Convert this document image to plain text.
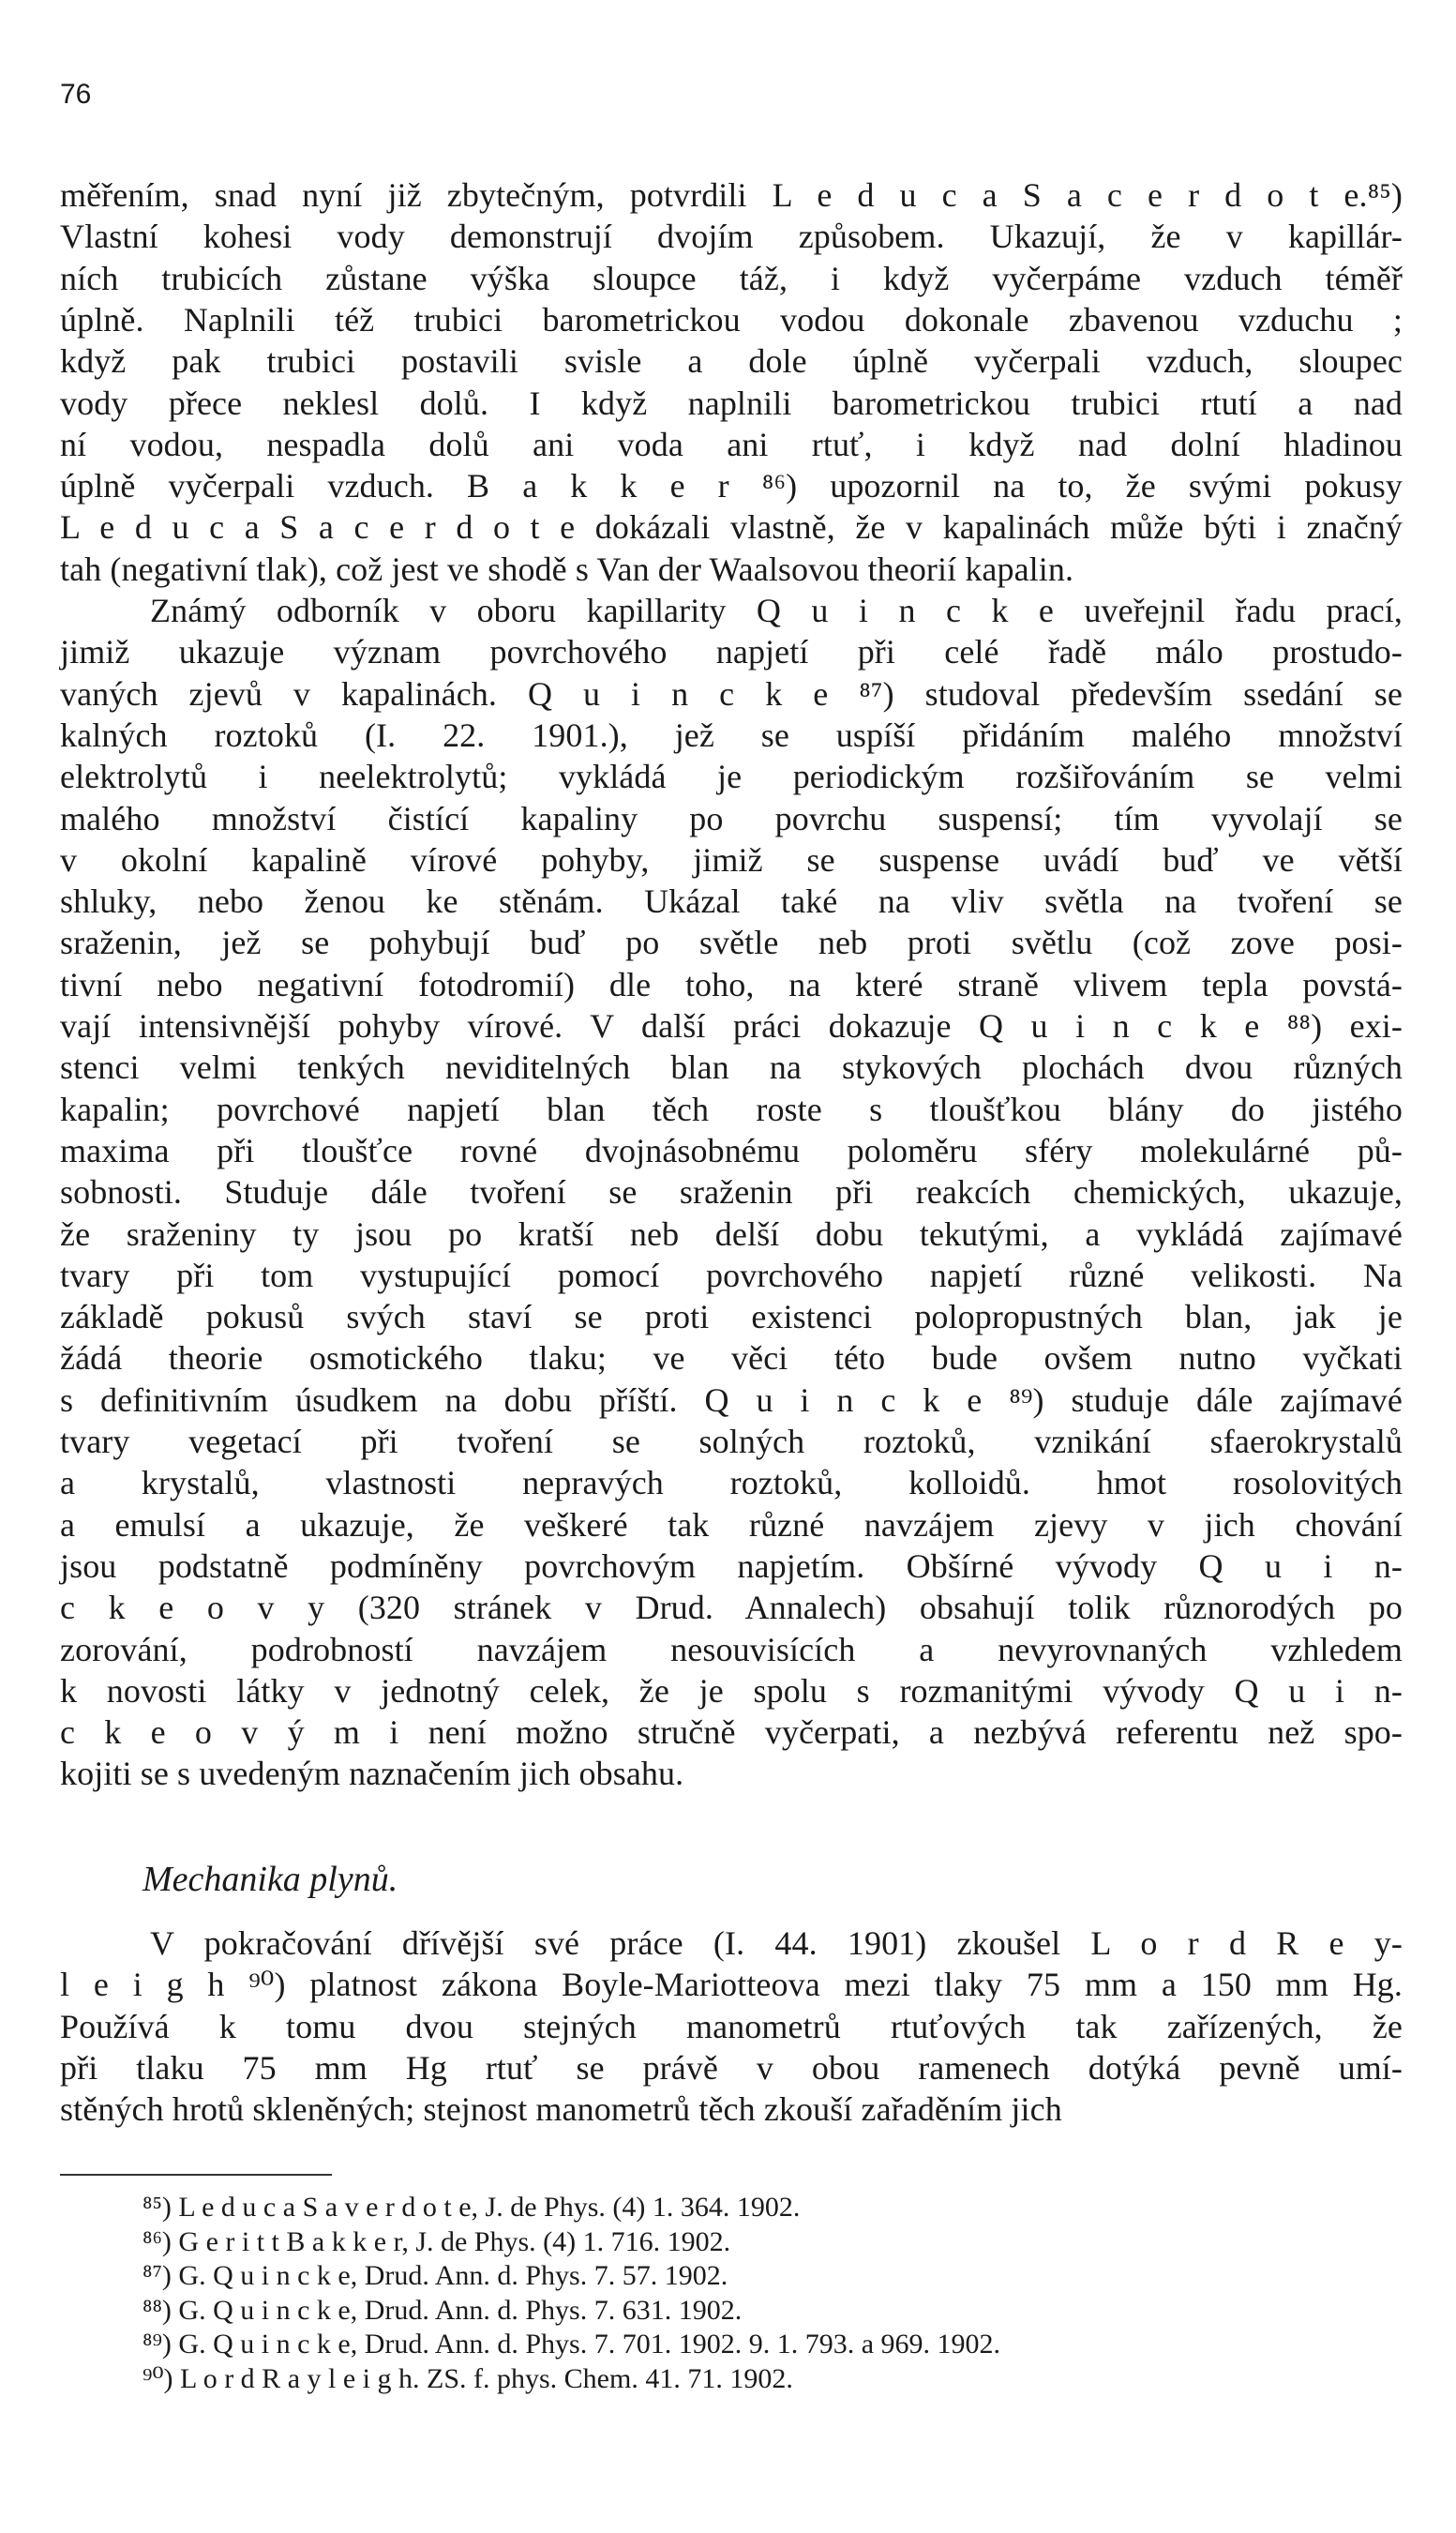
76
měřením, snad nyní již zbytečným, potvrdili L e d u c a S a c e r d o t e.⁸⁵)
Vlastní kohesi vody demonstrují dvojím způsobem. Ukazují, že v kapillár-
ních trubicích zůstane výška sloupce táž, i když vyčerpáme vzduch téměř
úplně. Naplnili též trubici barometrickou vodou dokonale zbavenou vzduchu ;
když pak trubici postavili svisle a dole úplně vyčerpali vzduch, sloupec
vody přece neklesl dolů. I když naplnili barometrickou trubici rtutí a nad
ní vodou, nespadla dolů ani voda ani rtuť, i když nad dolní hladinou
úplně vyčerpali vzduch. B a k k e r ⁸⁶) upozornil na to, že svými pokusy
L e d u c a S a c e r d o t e dokázali vlastně, že v kapalinách může býti i značný
tah (negativní tlak), což jest ve shodě s Van der Waalsovou theorií kapalin.
Známý odborník v oboru kapillarity Q u i n c k e uveřejnil řadu prací,
jimiž ukazuje význam povrchového napjetí při celé řadě málo prostudo-
vaných zjevů v kapalinách. Q u i n c k e ⁸⁷) studoval především ssedání se
kalných roztoků (I. 22. 1901.), jež se uspíší přidáním malého množství
elektrolytů i neelektrolytů; vykládá je periodickým rozšiřováním se velmi
malého množství čistící kapaliny po povrchu suspensí; tím vyvolají se
v okolní kapalině vírové pohyby, jimiž se suspense uvádí buď ve větší
shluky, nebo ženou ke stěnám. Ukázal také na vliv světla na tvoření se
sraženin, jež se pohybují buď po světle neb proti světlu (což zove posi-
tivní nebo negativní fotodromií) dle toho, na které straně vlivem tepla povstá-
vají intensivnější pohyby vírové. V další práci dokazuje Q u i n c k e ⁸⁸) exi-
stenci velmi tenkých neviditelných blan na stykových plochách dvou různých
kapalin; povrchové napjetí blan těch roste s tloušťkou blány do jistého
maxima při tloušťce rovné dvojnásobnému poloměru sféry molekulárné pů-
sobnosti. Studuje dále tvoření se sraženin při reakcích chemických, ukazuje,
že sraženiny ty jsou po kratší neb delší dobu tekutými, a vykládá zajímavé
tvary při tom vystupující pomocí povrchového napjetí různé velikosti. Na
základě pokusů svých staví se proti existenci polopropustných blan, jak je
žádá theorie osmotického tlaku; ve věci této bude ovšem nutno vyčkati
s definitivním úsudkem na dobu příští. Q u i n c k e ⁸⁹) studuje dále zajímavé
tvary vegetací při tvoření se solných roztoků, vznikání sfaerokrystalů
a krystalů, vlastnosti nepravých roztoků, kolloidů. hmot rosolovitých
a emulsí a ukazuje, že veškeré tak různé navzájem zjevy v jich chování
jsou podstatně podmíněny povrchovým napjetím. Obšírné vývody Q u i n-
c k e o v y (320 stránek v Drud. Annalech) obsahují tolik různorodých po
zorování, podrobností navzájem nesouvisících a nevyrovnaných vzhledem
k novosti látky v jednotný celek, že je spolu s rozmanitými vývody Q u i n-
c k e o v ý m i není možno stručně vyčerpati, a nezbývá referentu než spo-
kojiti se s uvedeným naznačením jich obsahu.
Mechanika plynů.
V pokračování dřívější své práce (I. 44. 1901) zkoušel L o r d R e y-
l e i g h ⁹⁰) platnost zákona Boyle-Mariotteova mezi tlaky 75 mm a 150 mm Hg.
Používá k tomu dvou stejných manometrů rtuťových tak zařízených, že
při tlaku 75 mm Hg rtuť se právě v obou ramenech dotýká pevně umí-
stěných hrotů skleněných; stejnost manometrů těch zkouší zařaděním jich
⁸⁵) L e d u c a S a v e r d o t e, J. de Phys. (4) 1. 364. 1902.
⁸⁶) G e r i t t B a k k e r, J. de Phys. (4) 1. 716. 1902.
⁸⁷) G. Q u i n c k e, Drud. Ann. d. Phys. 7. 57. 1902.
⁸⁸) G. Q u i n c k e, Drud. Ann. d. Phys. 7. 631. 1902.
⁸⁹) G. Q u i n c k e, Drud. Ann. d. Phys. 7. 701. 1902. 9. 1. 793. a 969. 1902.
⁹⁰) L o r d R a y l e i g h. ZS. f. phys. Chem. 41. 71. 1902.
